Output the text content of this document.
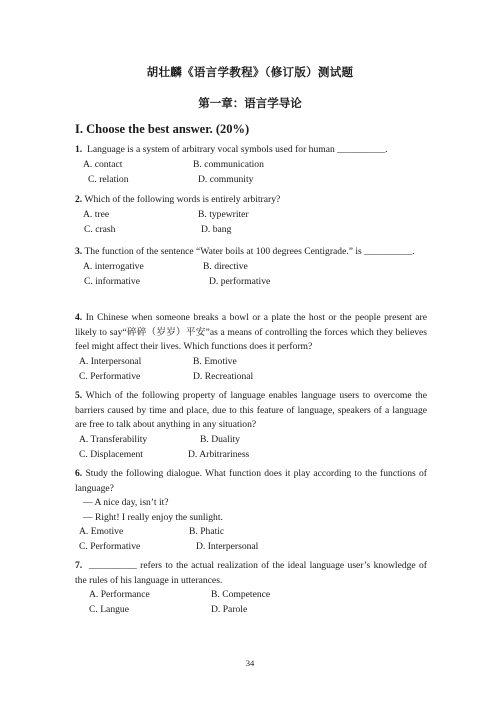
胡壮麟《语言学教程》（修订版）测试题
第一章：语言学导论
I. Choose the best answer. (20%)
1. Language is a system of arbitrary vocal symbols used for human __________.
A. contact	B. communication
C. relation	D. community
2. Which of the following words is entirely arbitrary?
A. tree	B. typewriter
C. crash	D. bang
3. The function of the sentence “Water boils at 100 degrees Centigrade.” is __________.
A. interrogative	B. directive
C. informative	D. performative
4. In Chinese when someone breaks a bowl or a plate the host or the people present are likely to say“碎碎（岁岁）平安”as a means of controlling the forces which they believes feel might affect their lives. Which functions does it perform?
A. Interpersonal	B. Emotive
C. Performative	D. Recreational
5. Which of the following property of language enables language users to overcome the barriers caused by time and place, due to this feature of language, speakers of a language are free to talk about anything in any situation?
A. Transferability	B. Duality
C. Displacement	D. Arbitrariness
6. Study the following dialogue. What function does it play according to the functions of language?
— A nice day, isn’t it?
— Right! I really enjoy the sunlight.
A. Emotive	B. Phatic
C. Performative	D. Interpersonal
7. __________ refers to the actual realization of the ideal language user’s knowledge of the rules of his language in utterances.
A. Performance	B. Competence
C. Langue	D. Parole
34
